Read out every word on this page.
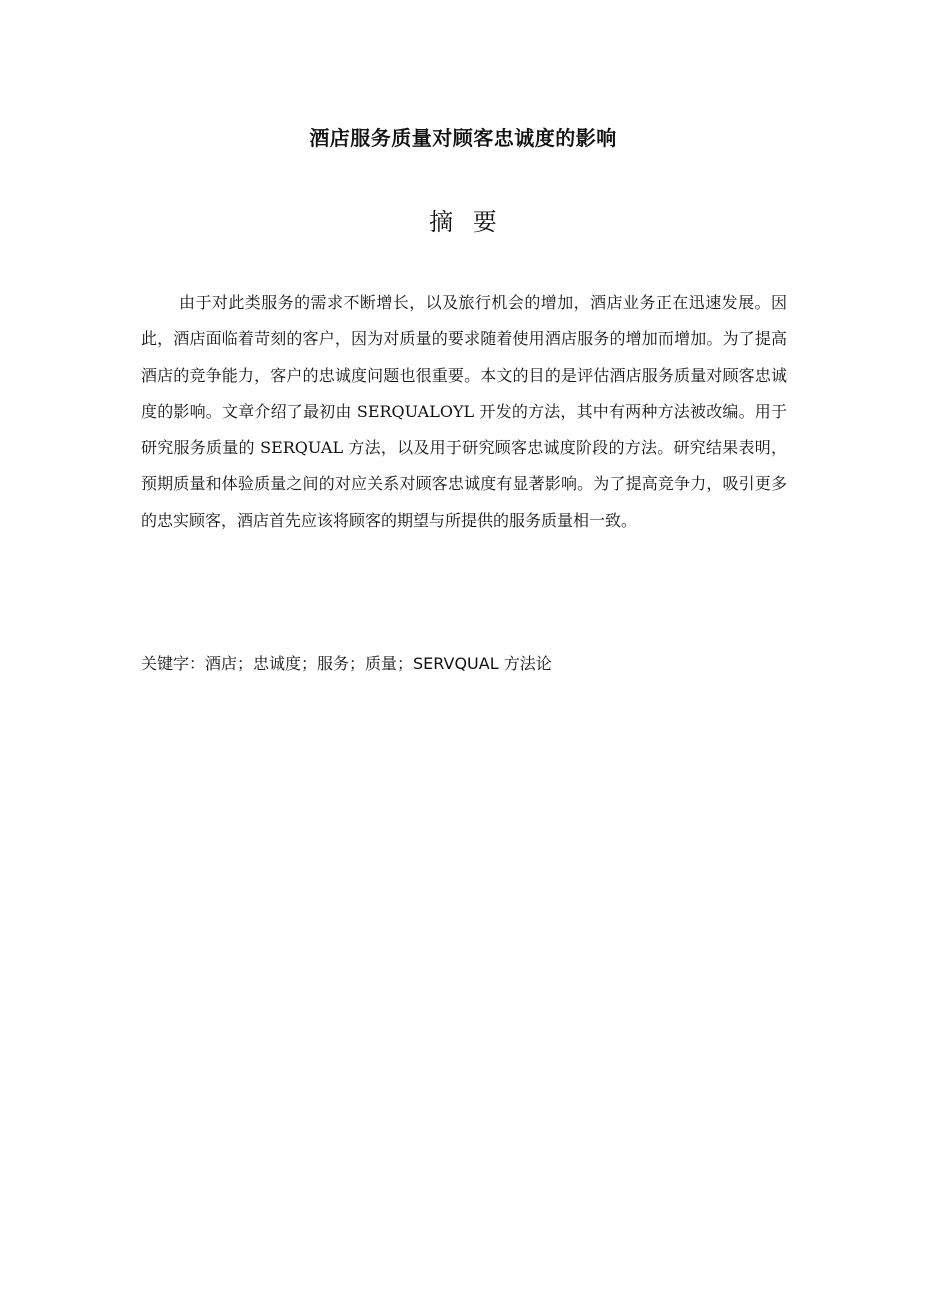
酒店服务质量对顾客忠诚度的影响
摘 要

由于对此类服务的需求不断增长，以及旅行机会的增加，酒店业务正在迅速发展。因此，酒店面临着苛刻的客户，因为对质量的要求随着使用酒店服务的增加而增加。为了提高酒店的竞争能力，客户的忠诚度问题也很重要。本文的目的是评估酒店服务质量对顾客忠诚度的影响。文章介绍了最初由 SERQUALOYL 开发的方法，其中有两种方法被改编。用于研究服务质量的 SERQUAL 方法，以及用于研究顾客忠诚度阶段的方法。研究结果表明，预期质量和体验质量之间的对应关系对顾客忠诚度有显著影响。为了提高竞争力，吸引更多的忠实顾客，酒店首先应该将顾客的期望与所提供的服务质量相一致。

关键字：酒店；忠诚度；服务；质量；SERVQUAL 方法论
